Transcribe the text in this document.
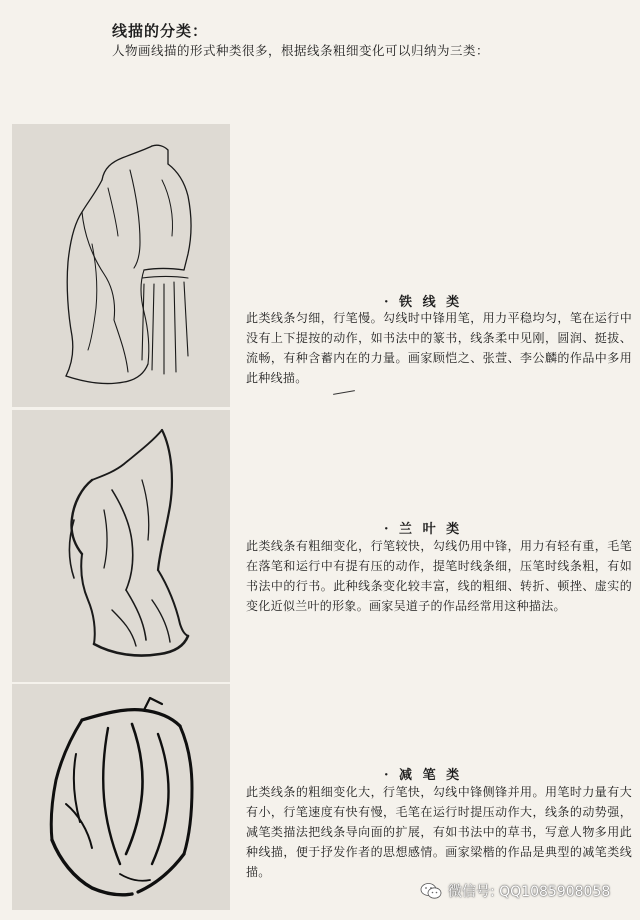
线描的分类：
人物画线描的形式种类很多，根据线条粗细变化可以归纳为三类：
· 铁 线 类
此类线条匀细，行笔慢。勾线时中锋用笔，用力平稳均匀，笔在运行中没有上下提按的动作，如书法中的篆书，线条柔中见刚，圆润、挺拔、流畅，有种含蓄内在的力量。画家顾恺之、张萱、李公麟的作品中多用此种线描。
· 兰 叶 类
此类线条有粗细变化，行笔较快，勾线仍用中锋，用力有轻有重，毛笔在落笔和运行中有提有压的动作，提笔时线条细，压笔时线条粗，有如书法中的行书。此种线条变化较丰富，线的粗细、转折、顿挫、虚实的变化近似兰叶的形象。画家吴道子的作品经常用这种描法。
· 减 笔 类
此类线条的粗细变化大，行笔快，勾线中锋侧锋并用。用笔时力量有大有小，行笔速度有快有慢，毛笔在运行时提压动作大，线条的动势强，减笔类描法把线条导向面的扩展，有如书法中的草书，写意人物多用此种线描，便于抒发作者的思想感情。画家梁楷的作品是典型的减笔类线描。
微信号: QQ1085908058
